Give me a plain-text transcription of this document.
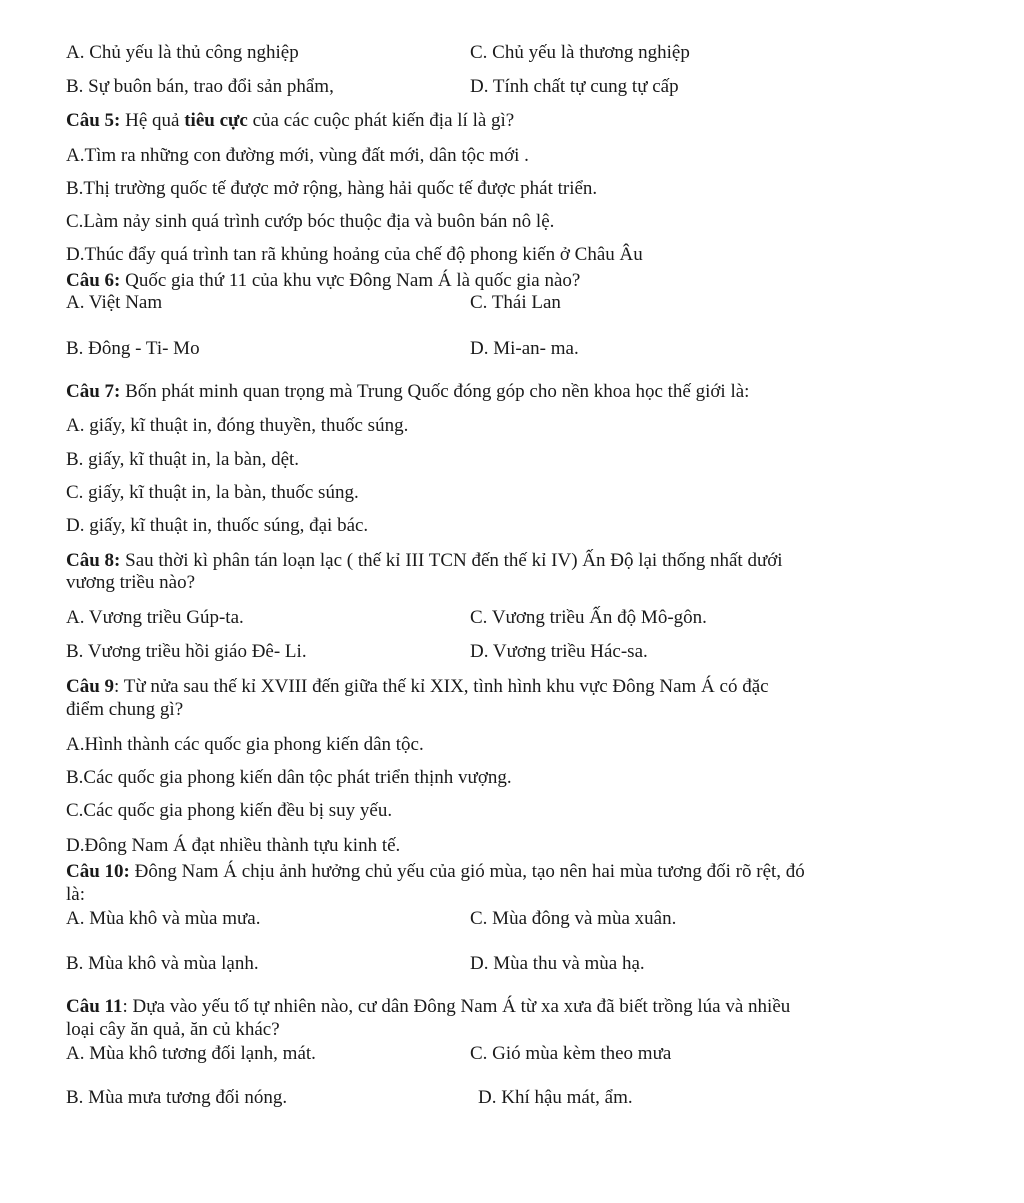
A. Chủ yếu là thủ công nghiệp	C. Chủ yếu là thương nghiệp
B. Sự buôn bán, trao đổi sản phẩm,	D. Tính chất tự cung tự cấp
Câu 5: Hệ quả tiêu cực của các cuộc phát kiến địa lí là gì?
A.Tìm ra những con đường mới, vùng đất mới, dân tộc mới .
B.Thị trường quốc tế được mở rộng, hàng hải quốc tế được phát triển.
C.Làm nảy sinh quá trình cướp bóc thuộc địa và buôn bán nô lệ.
D.Thúc đẩy quá trình tan rã khủng hoảng của chế độ phong kiến ở Châu Âu
Câu 6: Quốc gia thứ 11 của khu vực Đông Nam Á là quốc gia nào?
A. Việt Nam	C. Thái Lan
B. Đông - Ti- Mo	D. Mi-an- ma.
Câu 7: Bốn phát minh quan trọng mà Trung Quốc đóng góp cho nền khoa học thế giới là:
A. giấy, kĩ thuật in, đóng thuyền, thuốc súng.
B. giấy, kĩ thuật in, la bàn, dệt.
C. giấy, kĩ thuật in, la bàn, thuốc súng.
D. giấy, kĩ thuật in, thuốc súng, đại bác.
Câu 8: Sau thời kì phân tán loạn lạc ( thế kỉ III TCN đến thế kỉ IV) Ấn Độ lại thống nhất dưới
vương triều nào?
A. Vương triều Gúp-ta.	C. Vương triều Ấn độ Mô-gôn.
B. Vương triều hồi giáo Đê- Li.	D. Vương triều Hác-sa.
Câu 9: Từ nửa sau thế kỉ XVIII đến giữa thế kỉ XIX, tình hình khu vực Đông Nam Á có đặc
điểm chung gì?
A.Hình thành các quốc gia phong kiến dân tộc.
B.Các quốc gia phong kiến dân tộc phát triển thịnh vượng.
C.Các quốc gia phong kiến đều bị suy yếu.
D.Đông Nam Á đạt nhiều thành tựu kinh tế.
Câu 10: Đông Nam Á chịu ảnh hưởng chủ yếu của gió mùa, tạo nên hai mùa tương đối rõ rệt, đó
là:
A. Mùa khô và mùa mưa.	C. Mùa đông và mùa xuân.
B. Mùa khô và mùa lạnh.	D. Mùa thu và mùa hạ.
Câu 11: Dựa vào yếu tố tự nhiên nào, cư dân Đông Nam Á từ xa xưa đã biết trồng lúa và nhiều
loại cây ăn quả, ăn củ khác?
A. Mùa khô tương đối lạnh, mát.	C. Gió mùa kèm theo mưa
B. Mùa mưa tương đối nóng.	D. Khí hậu mát, ẩm.
